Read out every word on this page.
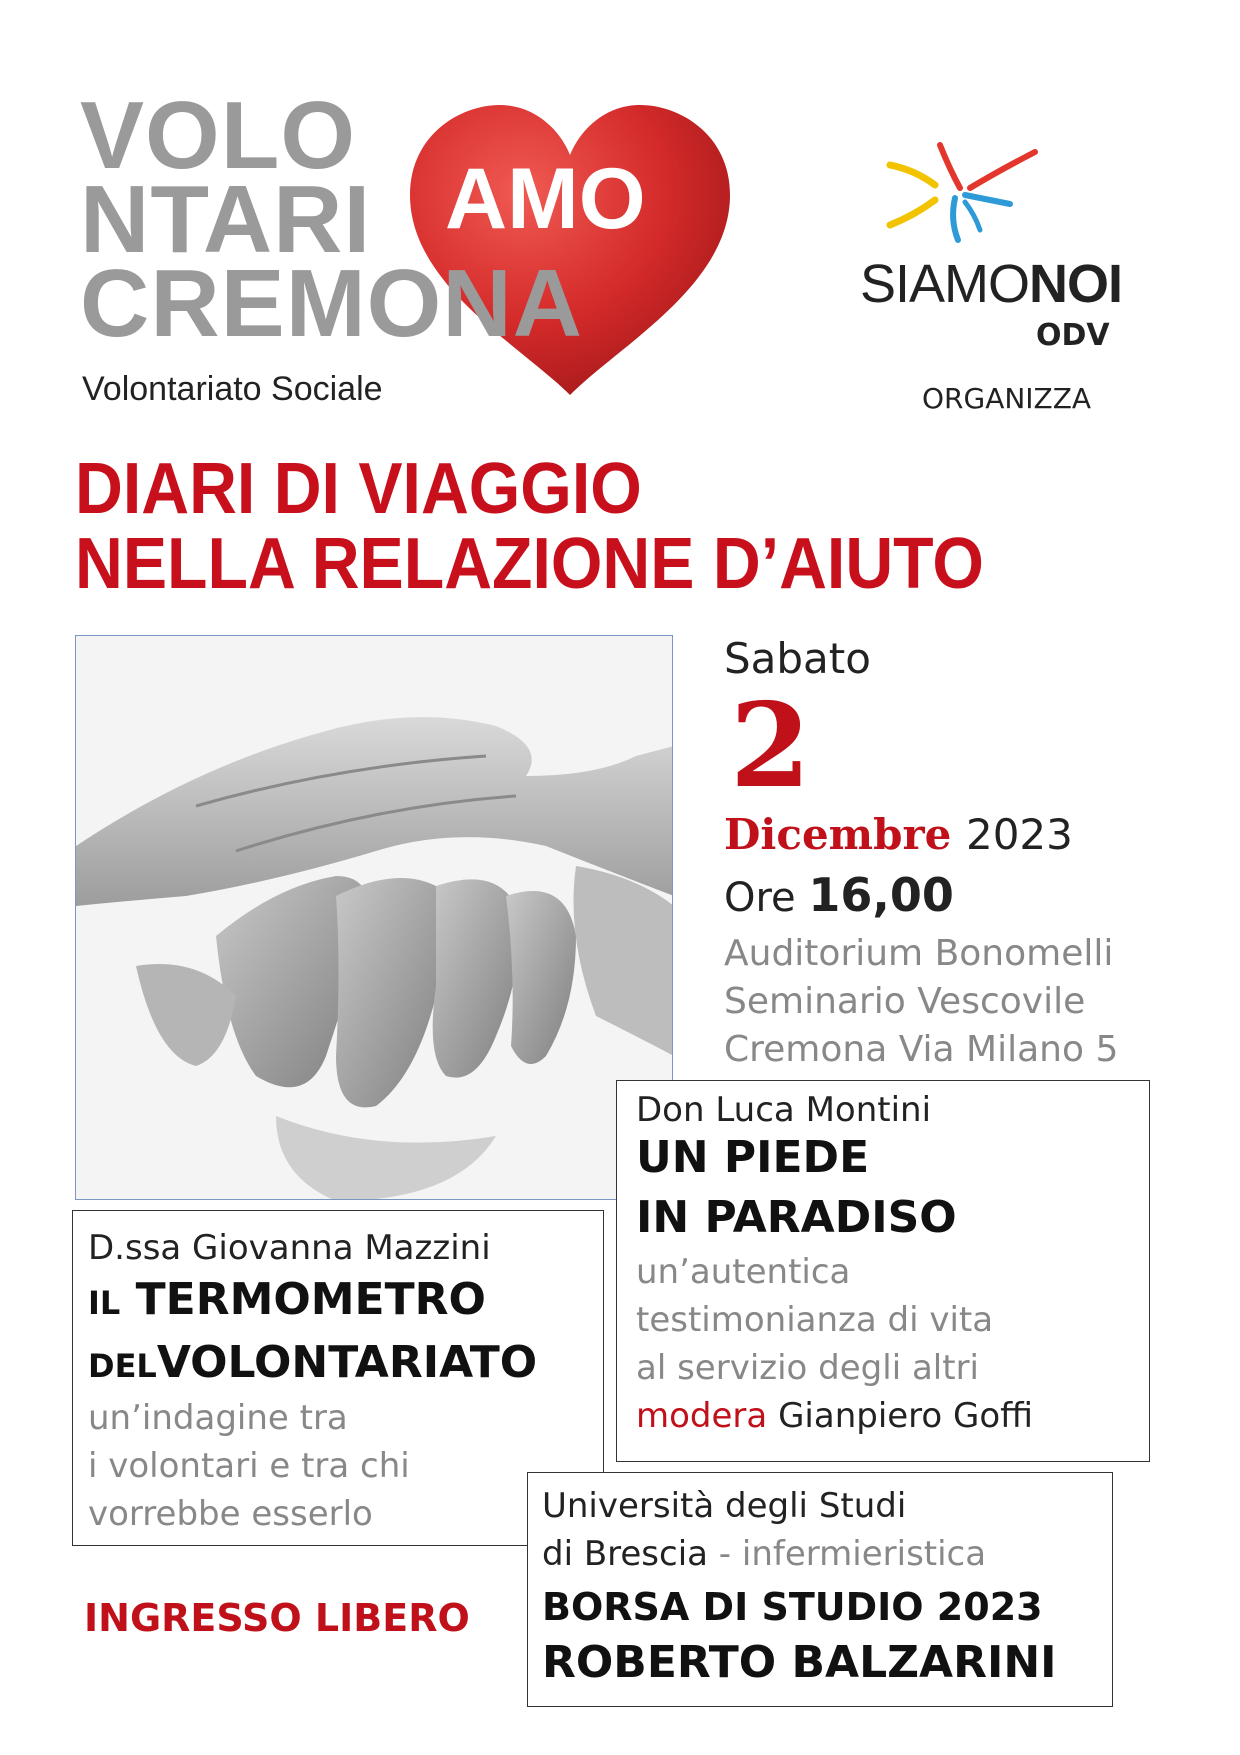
VOLO
NTARI AMO
CREMONA
Volontariato Sociale
SIAMONOI
ODV
ORGANIZZA
DIARI DI VIAGGIO
NELLA RELAZIONE D’AIUTO
Sabato
2
Dicembre 2023
Ore 16,00
Auditorium Bonomelli
Seminario Vescovile
Cremona Via Milano 5
Don Luca Montini
UN PIEDE
IN PARADISO
un’autentica
testimonianza di vita
al servizio degli altri
modera Gianpiero Goffi
D.ssa Giovanna Mazzini
IL TERMOMETRO
DELVOLONTARIATO
un’indagine tra
i volontari e tra chi
vorrebbe esserlo	Università degli Studi
di Brescia - infermieristica
BORSA DI STUDIO 2023
ROBERTO BALZARINI
INGRESSO LIBERO
